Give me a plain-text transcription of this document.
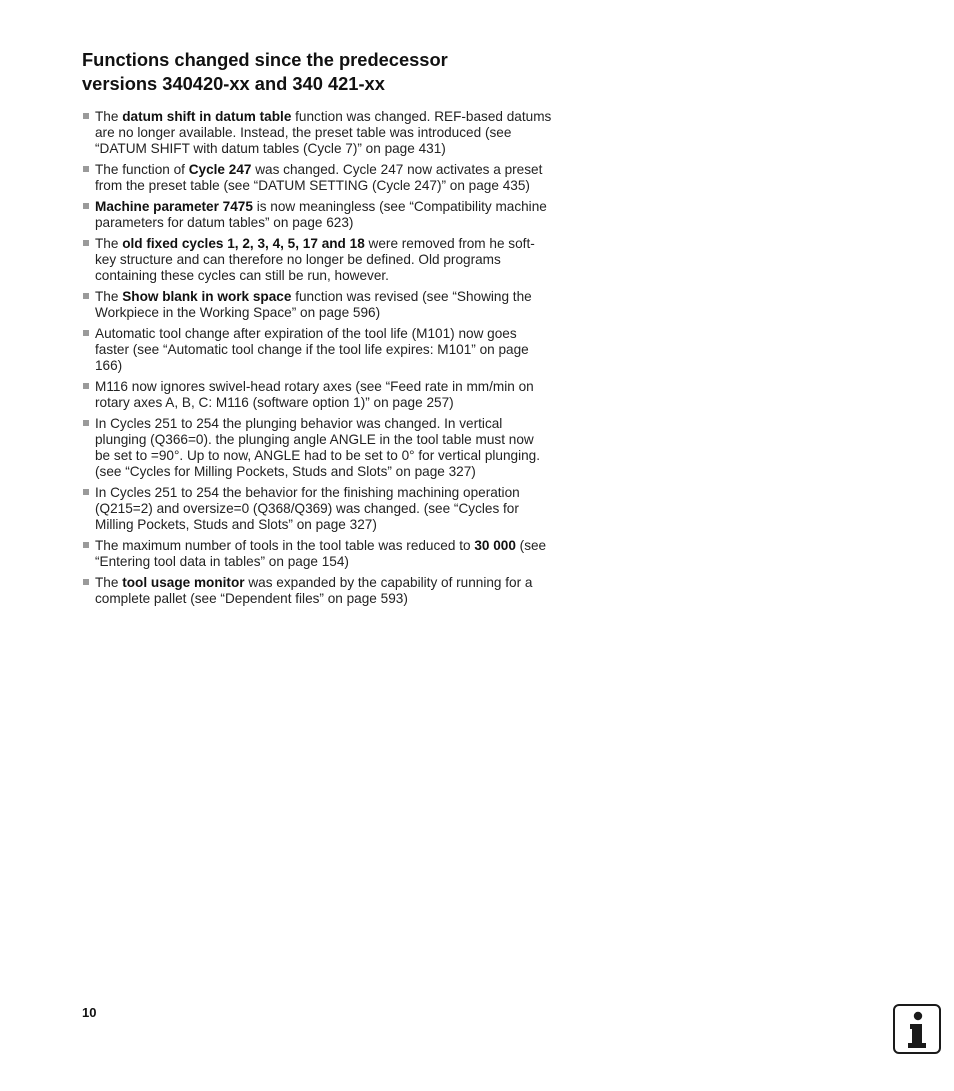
Functions changed since the predecessor
versions 340420-xx and 340 421-xx
The datum shift in datum table function was changed. REF-based datums are no longer available. Instead, the preset table was introduced (see “DATUM SHIFT with datum tables (Cycle 7)” on page 431)
The function of Cycle 247 was changed. Cycle 247 now activates a preset from the preset table (see “DATUM SETTING (Cycle 247)” on page 435)
Machine parameter 7475 is now meaningless (see “Compatibility machine parameters for datum tables” on page 623)
The old fixed cycles 1, 2, 3, 4, 5, 17 and 18 were removed from he soft-key structure and can therefore no longer be defined. Old programs containing these cycles can still be run, however.
The Show blank in work space function was revised (see “Showing the Workpiece in the Working Space” on page 596)
Automatic tool change after expiration of the tool life (M101) now goes faster (see “Automatic tool change if the tool life expires: M101” on page 166)
M116 now ignores swivel-head rotary axes (see “Feed rate in mm/min on rotary axes A, B, C: M116 (software option 1)” on page 257)
In Cycles 251 to 254 the plunging behavior was changed. In vertical plunging (Q366=0). the plunging angle ANGLE in the tool table must now be set to =90°. Up to now, ANGLE had to be set to 0° for vertical plunging. (see “Cycles for Milling Pockets, Studs and Slots” on page 327)
In Cycles 251 to 254 the behavior for the finishing machining operation (Q215=2) and oversize=0 (Q368/Q369) was changed. (see “Cycles for Milling Pockets, Studs and Slots” on page 327)
The maximum number of tools in the tool table was reduced to 30 000 (see “Entering tool data in tables” on page 154)
The tool usage monitor was expanded by the capability of running for a complete pallet (see “Dependent files” on page 593)
10
